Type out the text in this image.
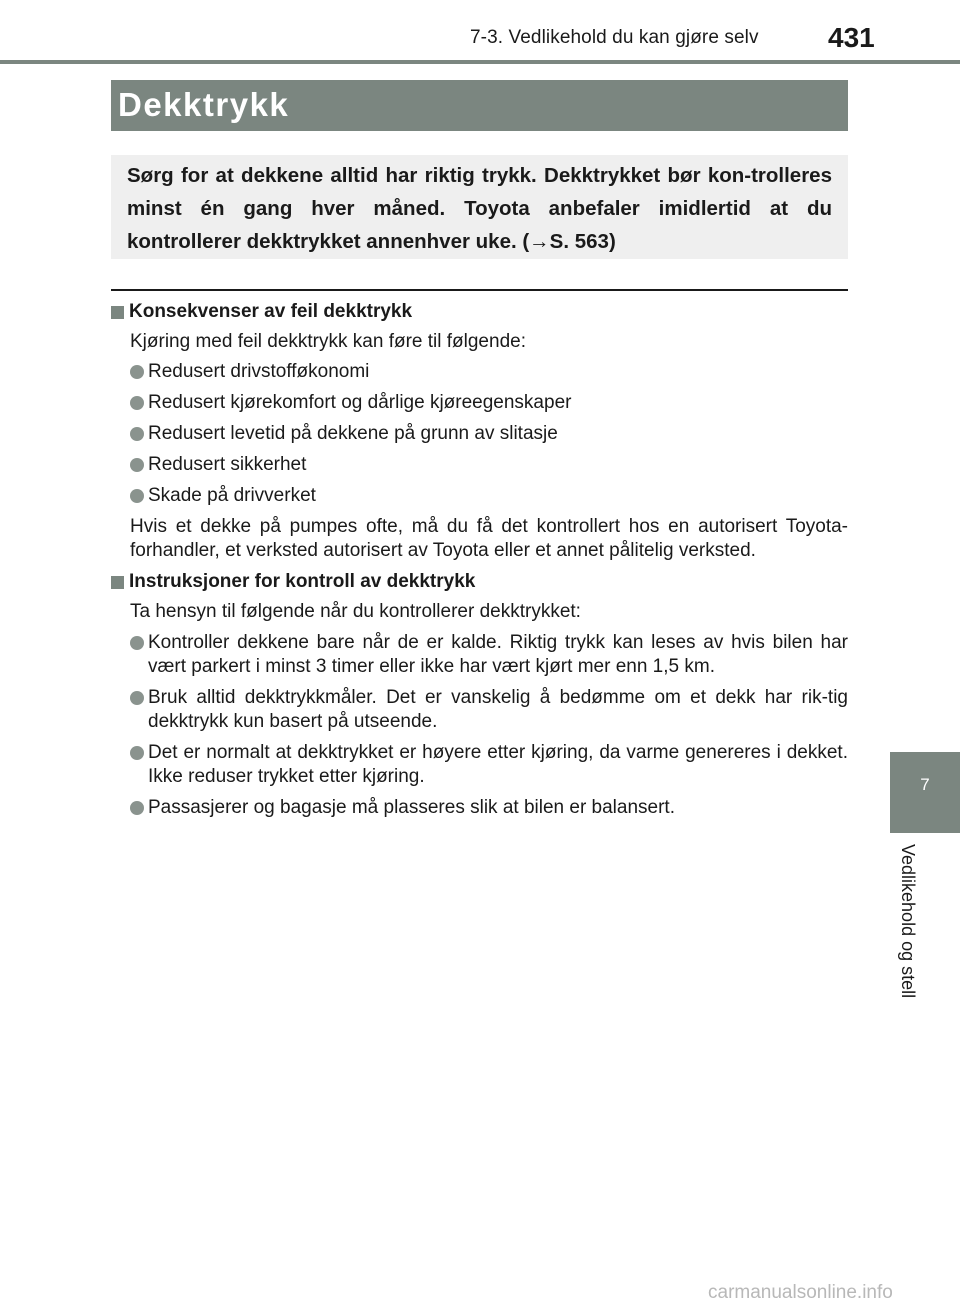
7-3. Vedlikehold du kan gjøre selv 431
Dekktrykk
Sørg for at dekkene alltid har riktig trykk. Dekktrykket bør kon-trolleres minst én gang hver måned. Toyota anbefaler imidlertid at du kontrollerer dekktrykket annenhver uke. (→S. 563)
Konsekvenser av feil dekktrykk
Kjøring med feil dekktrykk kan føre til følgende:
Redusert drivstofføkonomi
Redusert kjørekomfort og dårlige kjøreegenskaper
Redusert levetid på dekkene på grunn av slitasje
Redusert sikkerhet
Skade på drivverket
Hvis et dekke på pumpes ofte, må du få det kontrollert hos en autorisert Toyota-forhandler, et verksted autorisert av Toyota eller et annet pålitelig verksted.
Instruksjoner for kontroll av dekktrykk
Ta hensyn til følgende når du kontrollerer dekktrykket:
Kontroller dekkene bare når de er kalde. Riktig trykk kan leses av hvis bilen har vært parkert i minst 3 timer eller ikke har vært kjørt mer enn 1,5 km.
Bruk alltid dekktrykkmåler. Det er vanskelig å bedømme om et dekk har rik-tig dekktrykk kun basert på utseende.
Det er normalt at dekktrykket er høyere etter kjøring, da varme genereres i dekket. Ikke reduser trykket etter kjøring.
Passasjerer og bagasje må plasseres slik at bilen er balansert.
7
Vedlikehold og stell
carmanualsonline.info
